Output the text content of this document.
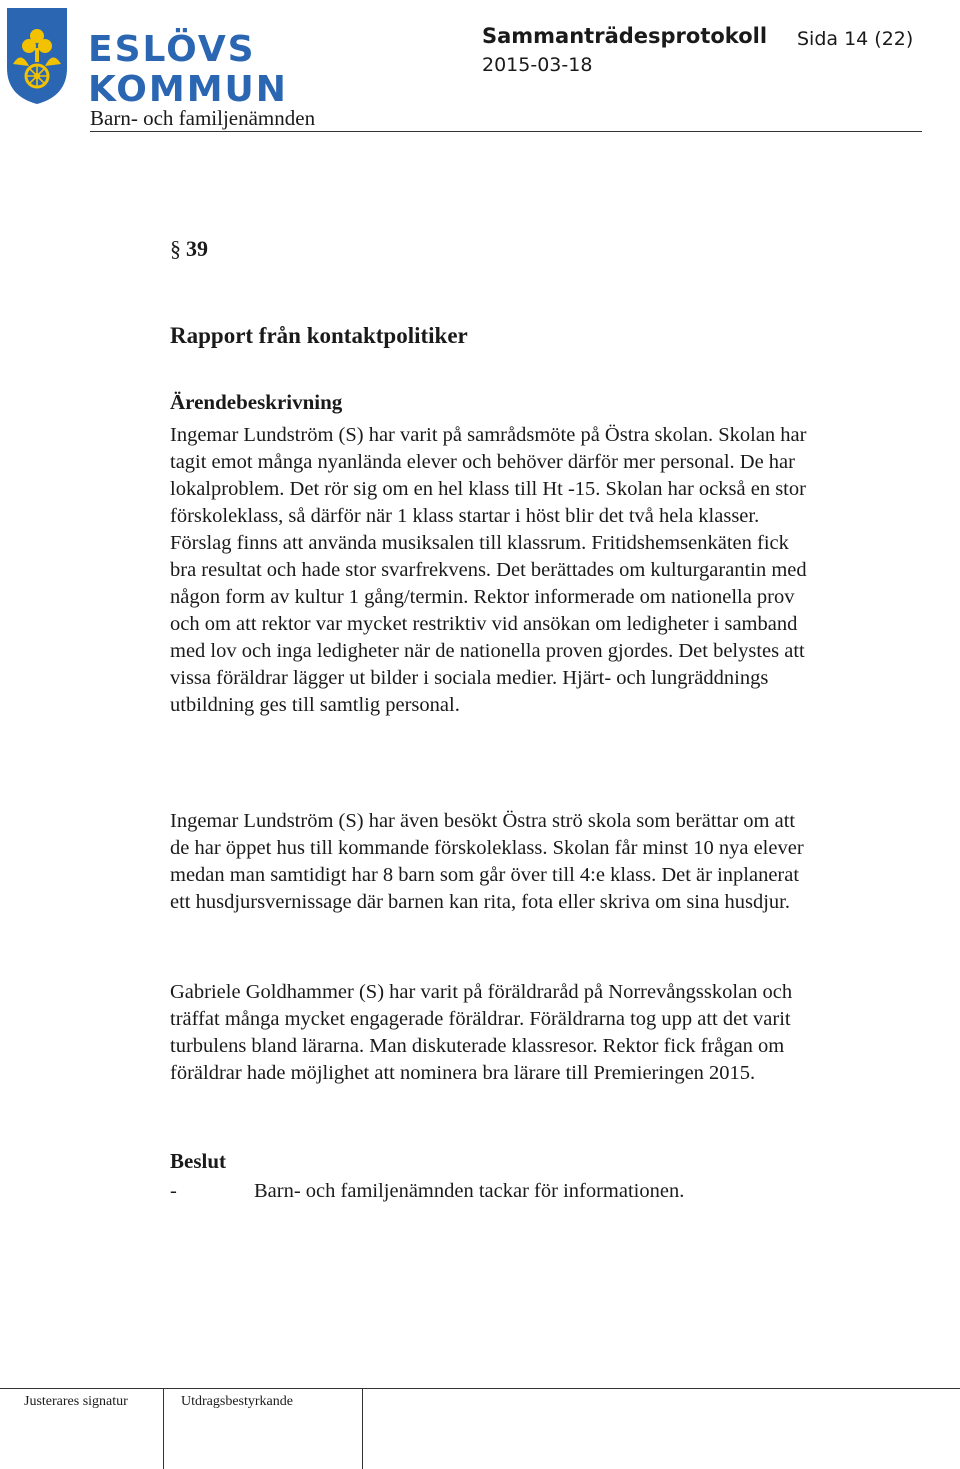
ESLÖVS
KOMMUN
Sammanträdesprotokoll Sida 14 (22)
2015-03-18
Barn- och familjenämnden
§ 39
Rapport från kontaktpolitiker
Ärendebeskrivning

Ingemar Lundström (S) har varit på samrådsmöte på Östra skolan. Skolan har tagit emot många nyanlända elever och behöver därför mer personal. De har lokalproblem. Det rör sig om en hel klass till Ht -15. Skolan har också en stor förskoleklass, så därför när 1 klass startar i höst blir det två hela klasser. Förslag finns att använda musiksalen till klassrum. Fritidshemsenkäten fick bra resultat och hade stor svarfrekvens. Det berättades om kulturgarantin med någon form av kultur 1 gång/termin. Rektor informerade om nationella prov och om att rektor var mycket restriktiv vid ansökan om ledigheter i samband med lov och inga ledigheter när de nationella proven gjordes. Det belystes att vissa föräldrar lägger ut bilder i sociala medier. Hjärt- och lungräddnings utbildning ges till samtlig personal.

Ingemar Lundström (S) har även besökt Östra strö skola som berättar om att de har öppet hus till kommande förskoleklass. Skolan får minst 10 nya elever medan man samtidigt har 8 barn som går över till 4:e klass. Det är inplanerat ett husdjursvernissage där barnen kan rita, fota eller skriva om sina husdjur.

Gabriele Goldhammer (S) har varit på föräldraråd på Norrevångsskolan och träffat många mycket engagerade föräldrar. Föräldrarna tog upp att det varit turbulens bland lärarna. Man diskuterade klassresor. Rektor fick frågan om föräldrar hade möjlighet att nominera bra lärare till Premieringen 2015.

Beslut
-	Barn- och familjenämnden tackar för informationen.
Justerares signatur	Utdragsbestyrkande
